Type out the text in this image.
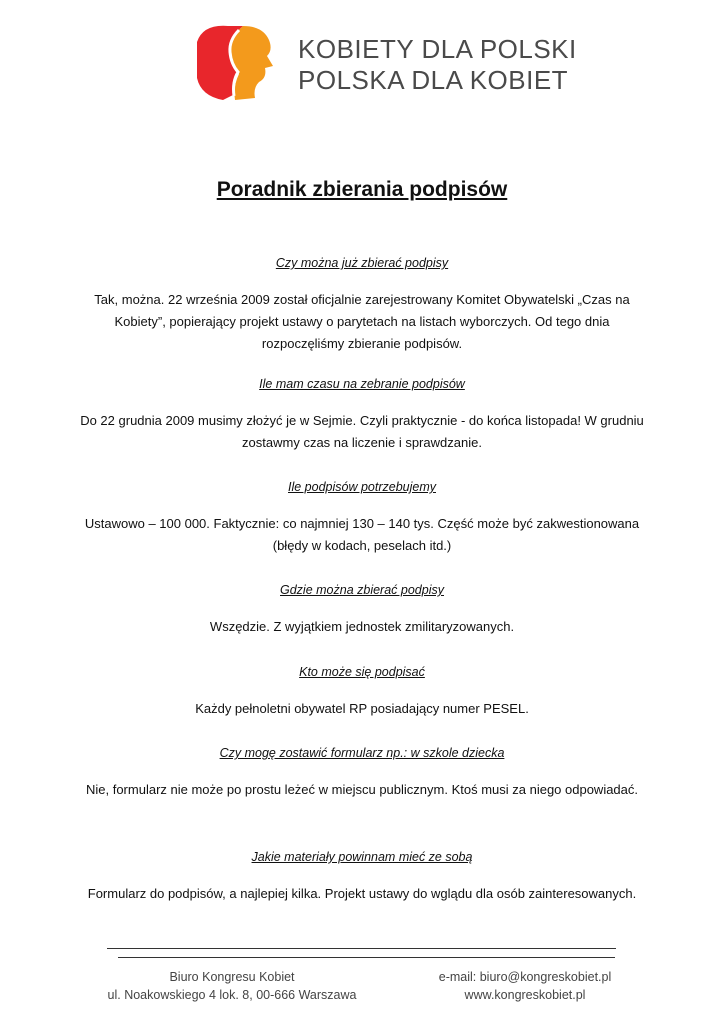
KOBIETY DLA POLSKI
POLSKA DLA KOBIET
Poradnik zbierania podpisów

Czy można już zbierać podpisy

Tak, można. 22 września 2009 został oficjalnie zarejestrowany Komitet Obywatelski „Czas na Kobiety”, popierający projekt ustawy o parytetach na listach wyborczych. Od tego dnia rozpoczęliśmy zbieranie podpisów.

Ile mam czasu na zebranie podpisów

Do 22 grudnia 2009 musimy złożyć je w Sejmie. Czyli praktycznie - do końca listopada! W grudniu zostawmy czas na liczenie i sprawdzanie.

Ile podpisów potrzebujemy

Ustawowo – 100 000. Faktycznie: co najmniej 130 – 140 tys. Część może być zakwestionowana (błędy w kodach, peselach itd.)

Gdzie można zbierać podpisy

Wszędzie. Z wyjątkiem jednostek zmilitaryzowanych.

Kto może się podpisać

Każdy pełnoletni obywatel RP posiadający numer PESEL.

Czy mogę zostawić formularz np.: w szkole dziecka

Nie, formularz nie może po prostu leżeć w miejscu publicznym. Ktoś musi za niego odpowiadać.

Jakie materiały powinnam mieć ze sobą

Formularz do podpisów, a najlepiej kilka. Projekt ustawy do wglądu dla osób zainteresowanych.

Biuro Kongresu Kobiet
ul. Noakowskiego 4 lok. 8, 00-666 Warszawa
e-mail: biuro@kongreskobiet.pl
www.kongreskobiet.pl
